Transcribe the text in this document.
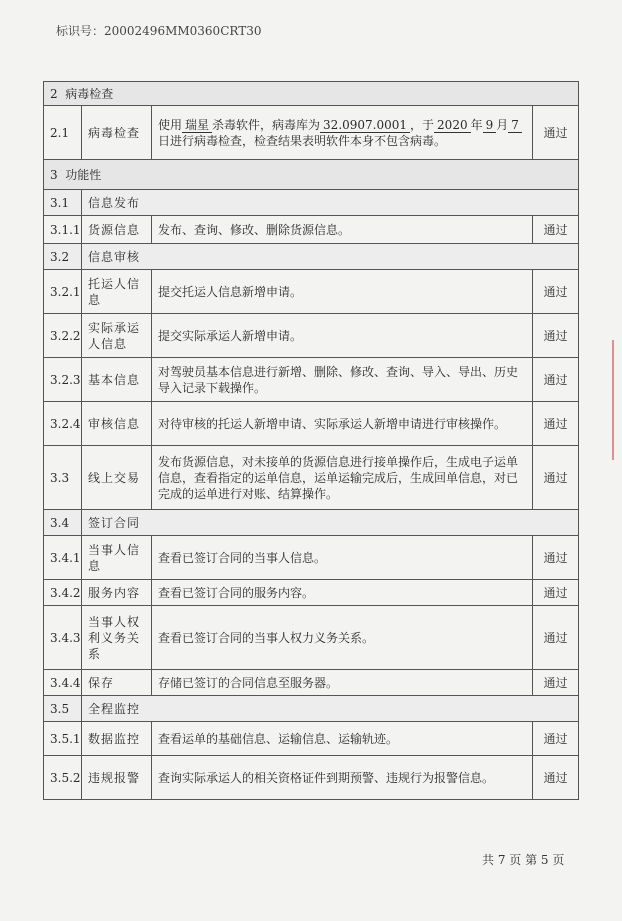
标识号：20002496MM0360CRT30
2 病毒检查			
2.1	病毒检查	使用 瑞星 杀毒软件，病毒库为 32.0907.0001 ，于 2020 年 9 月 7日进行病毒检查，检查结果表明软件本身不包含病毒。	通过
3 功能性			
3.1	信息发布		
3.1.1	货源信息	发布、查询、修改、删除货源信息。	通过
3.2	信息审核		
3.2.1	托运人信息	提交托运人信息新增申请。	通过
3.2.2	实际承运人信息	提交实际承运人新增申请。	通过
3.2.3	基本信息	对驾驶员基本信息进行新增、删除、修改、查询、导入、导出、历史导入记录下载操作。	通过
3.2.4	审核信息	对待审核的托运人新增申请、实际承运人新增申请进行审核操作。	通过
3.3	线上交易	发布货源信息，对未接单的货源信息进行接单操作后，生成电子运单信息，查看指定的运单信息，运单运输完成后，生成回单信息，对已完成的运单进行对账、结算操作。	通过
3.4	签订合同		
3.4.1	当事人信息	查看已签订合同的当事人信息。	通过
3.4.2	服务内容	查看已签订合同的服务内容。	通过
3.4.3	当事人权利义务关系	查看已签订合同的当事人权力义务关系。	通过
3.4.4	保存	存储已签订的合同信息至服务器。	通过
3.5	全程监控		
3.5.1	数据监控	查看运单的基础信息、运输信息、运输轨迹。	通过
3.5.2	违规报警	查询实际承运人的相关资格证件到期预警、违规行为报警信息。	通过
共 7 页 第 5 页
